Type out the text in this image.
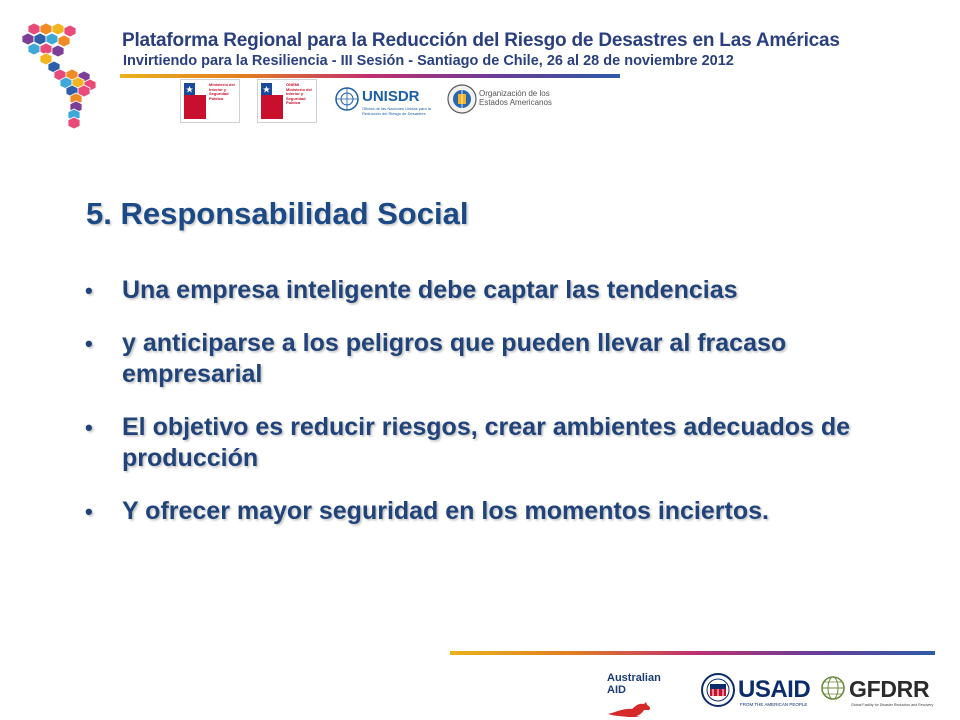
Plataforma Regional para la Reducción del Riesgo de Desastres en Las Américas
Invirtiendo para la Resiliencia - III Sesión - Santiago de Chile, 26 al 28 de noviembre 2012
Ministerio del Interior y Seguridad Pública
ONEMI Ministerio del Interior y Seguridad Pública	UNISDR
Oficina de las Naciones Unidas para la Reducción del Riesgo de Desastres
Organización de los
Estados Americanos
5. Responsabilidad Social
• Una empresa inteligente debe captar las tendencias
• y anticiparse a los peligros que pueden llevar al fracaso empresarial
• El objetivo es reducir riesgos, crear ambientes adecuados de producción
• Y ofrecer mayor seguridad en los momentos inciertos.
Australian
AID	USAID
FROM THE AMERICAN PEOPLE
GFDRR
Global Facility for Disaster Reduction and Recovery
